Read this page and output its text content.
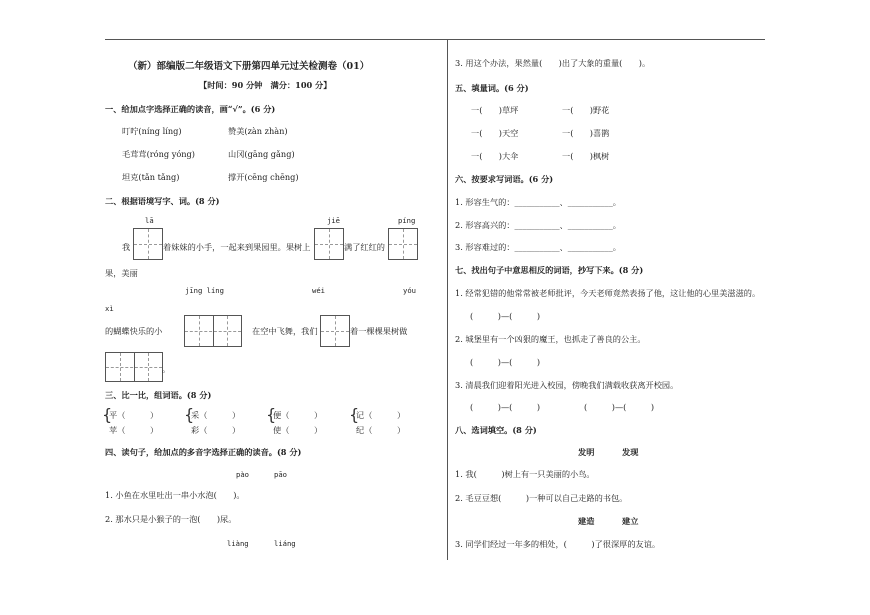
（新）部编版二年级语文下册第四单元过关检测卷（01）
【时间：90 分钟　满分：100 分】
一、给加点字选择正确的读音，画“√”。(6 分)
叮咛(níng líng)	赞美(zàn zhàn)
毛茸茸(róng yóng)	山冈(gāng gǎng)
坦克(tǎn tǎng)	撑开(cēng chēng)
二、根据语境写字、词。(8 分)
lā	jiē	píng
我	着妹妹的小手，一起来到果园里。果树上	满了红红的
果，美丽
jīng líng	wéi	yóu
xì
的蝴蝶快乐的小	在空中飞舞，我们	着一棵棵果树做
。
三、比一比，组词语。(8 分)
{
平（　　　）
苹（　　　）
{
采（　　　）
彩（　　　）
{
便（　　　）
使（　　　）
{
记（　　　）
纪（　　　）
四、读句子，给加点的多音字选择正确的读音。(8 分)
pào	pāo
1. 小鱼在水里吐出一串小水泡(　　)。
2. 那水只是小猴子的一泡(　　)尿。
liàng	liáng
3. 用这个办法，果然量(　　)出了大象的重量(　　)。
五、填量词。(6 分)
一(　　)草坪	一(　　)野花
一(　　)天空	一(　　)喜鹊
一(　　)大伞	一(　　)枫树
六、按要求写词语。(6 分)
1. 形容生气的：___________、___________。
2. 形容高兴的：___________、___________。
3. 形容难过的：___________、___________。
七、找出句子中意思相反的词语，抄写下来。(8 分)
1. 经常犯错的他常常被老师批评，今天老师竟然表扬了他，这让他的心里美滋滋的。
(　　　)—(　　　)
2. 城堡里有一个凶狠的魔王，也抓走了善良的公主。
(　　　)—(　　　)
3. 清晨我们迎着阳光进入校园，傍晚我们满载收获离开校园。
(　　　)—(　　　)	(　　　)—(　　　)
八、选词填空。(8 分)
发明	发现
1. 我(　　　)树上有一只美丽的小鸟。
2. 毛豆豆想(　　　)一种可以自己走路的书包。
建造	建立
3. 同学们经过一年多的相处，(　　　)了很深厚的友谊。
